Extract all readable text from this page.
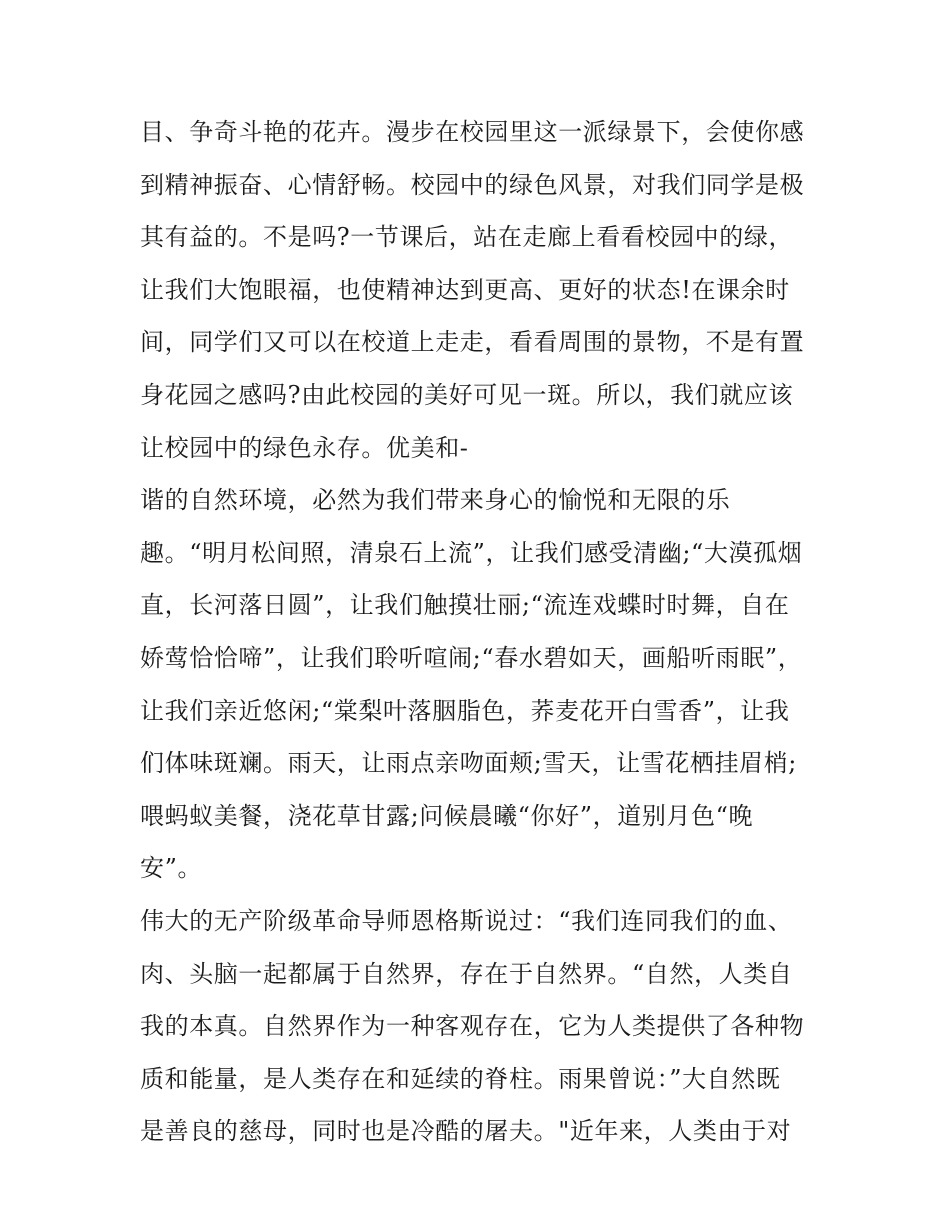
目、争奇斗艳的花卉。漫步在校园里这一派绿景下，会使你感
到精神振奋、心情舒畅。校园中的绿色风景，对我们同学是极
其有益的。不是吗?一节课后，站在走廊上看看校园中的绿，
让我们大饱眼福，也使精神达到更高、更好的状态!在课余时
间，同学们又可以在校道上走走，看看周围的景物，不是有置
身花园之感吗?由此校园的美好可见一斑。所以，我们就应该
让校园中的绿色永存。优美和-
谐的自然环境，必然为我们带来身心的愉悦和无限的乐
趣。“明月松间照，清泉石上流”，让我们感受清幽;“大漠孤烟
直，长河落日圆”，让我们触摸壮丽;“流连戏蝶时时舞，自在
娇莺恰恰啼”，让我们聆听喧闹;“春水碧如天，画船听雨眠”，
让我们亲近悠闲;“棠梨叶落胭脂色，荞麦花开白雪香”，让我
们体味斑斓。雨天，让雨点亲吻面颊;雪天，让雪花栖挂眉梢;
喂蚂蚁美餐，浇花草甘露;问候晨曦“你好”，道别月色“晚
安”。
伟大的无产阶级革命导师恩格斯说过：“我们连同我们的血、
肉、头脑一起都属于自然界，存在于自然界。“自然，人类自
我的本真。自然界作为一种客观存在，它为人类提供了各种物
质和能量，是人类存在和延续的脊柱。雨果曾说：”大自然既
是善良的慈母，同时也是冷酷的屠夫。"近年来，人类由于对
